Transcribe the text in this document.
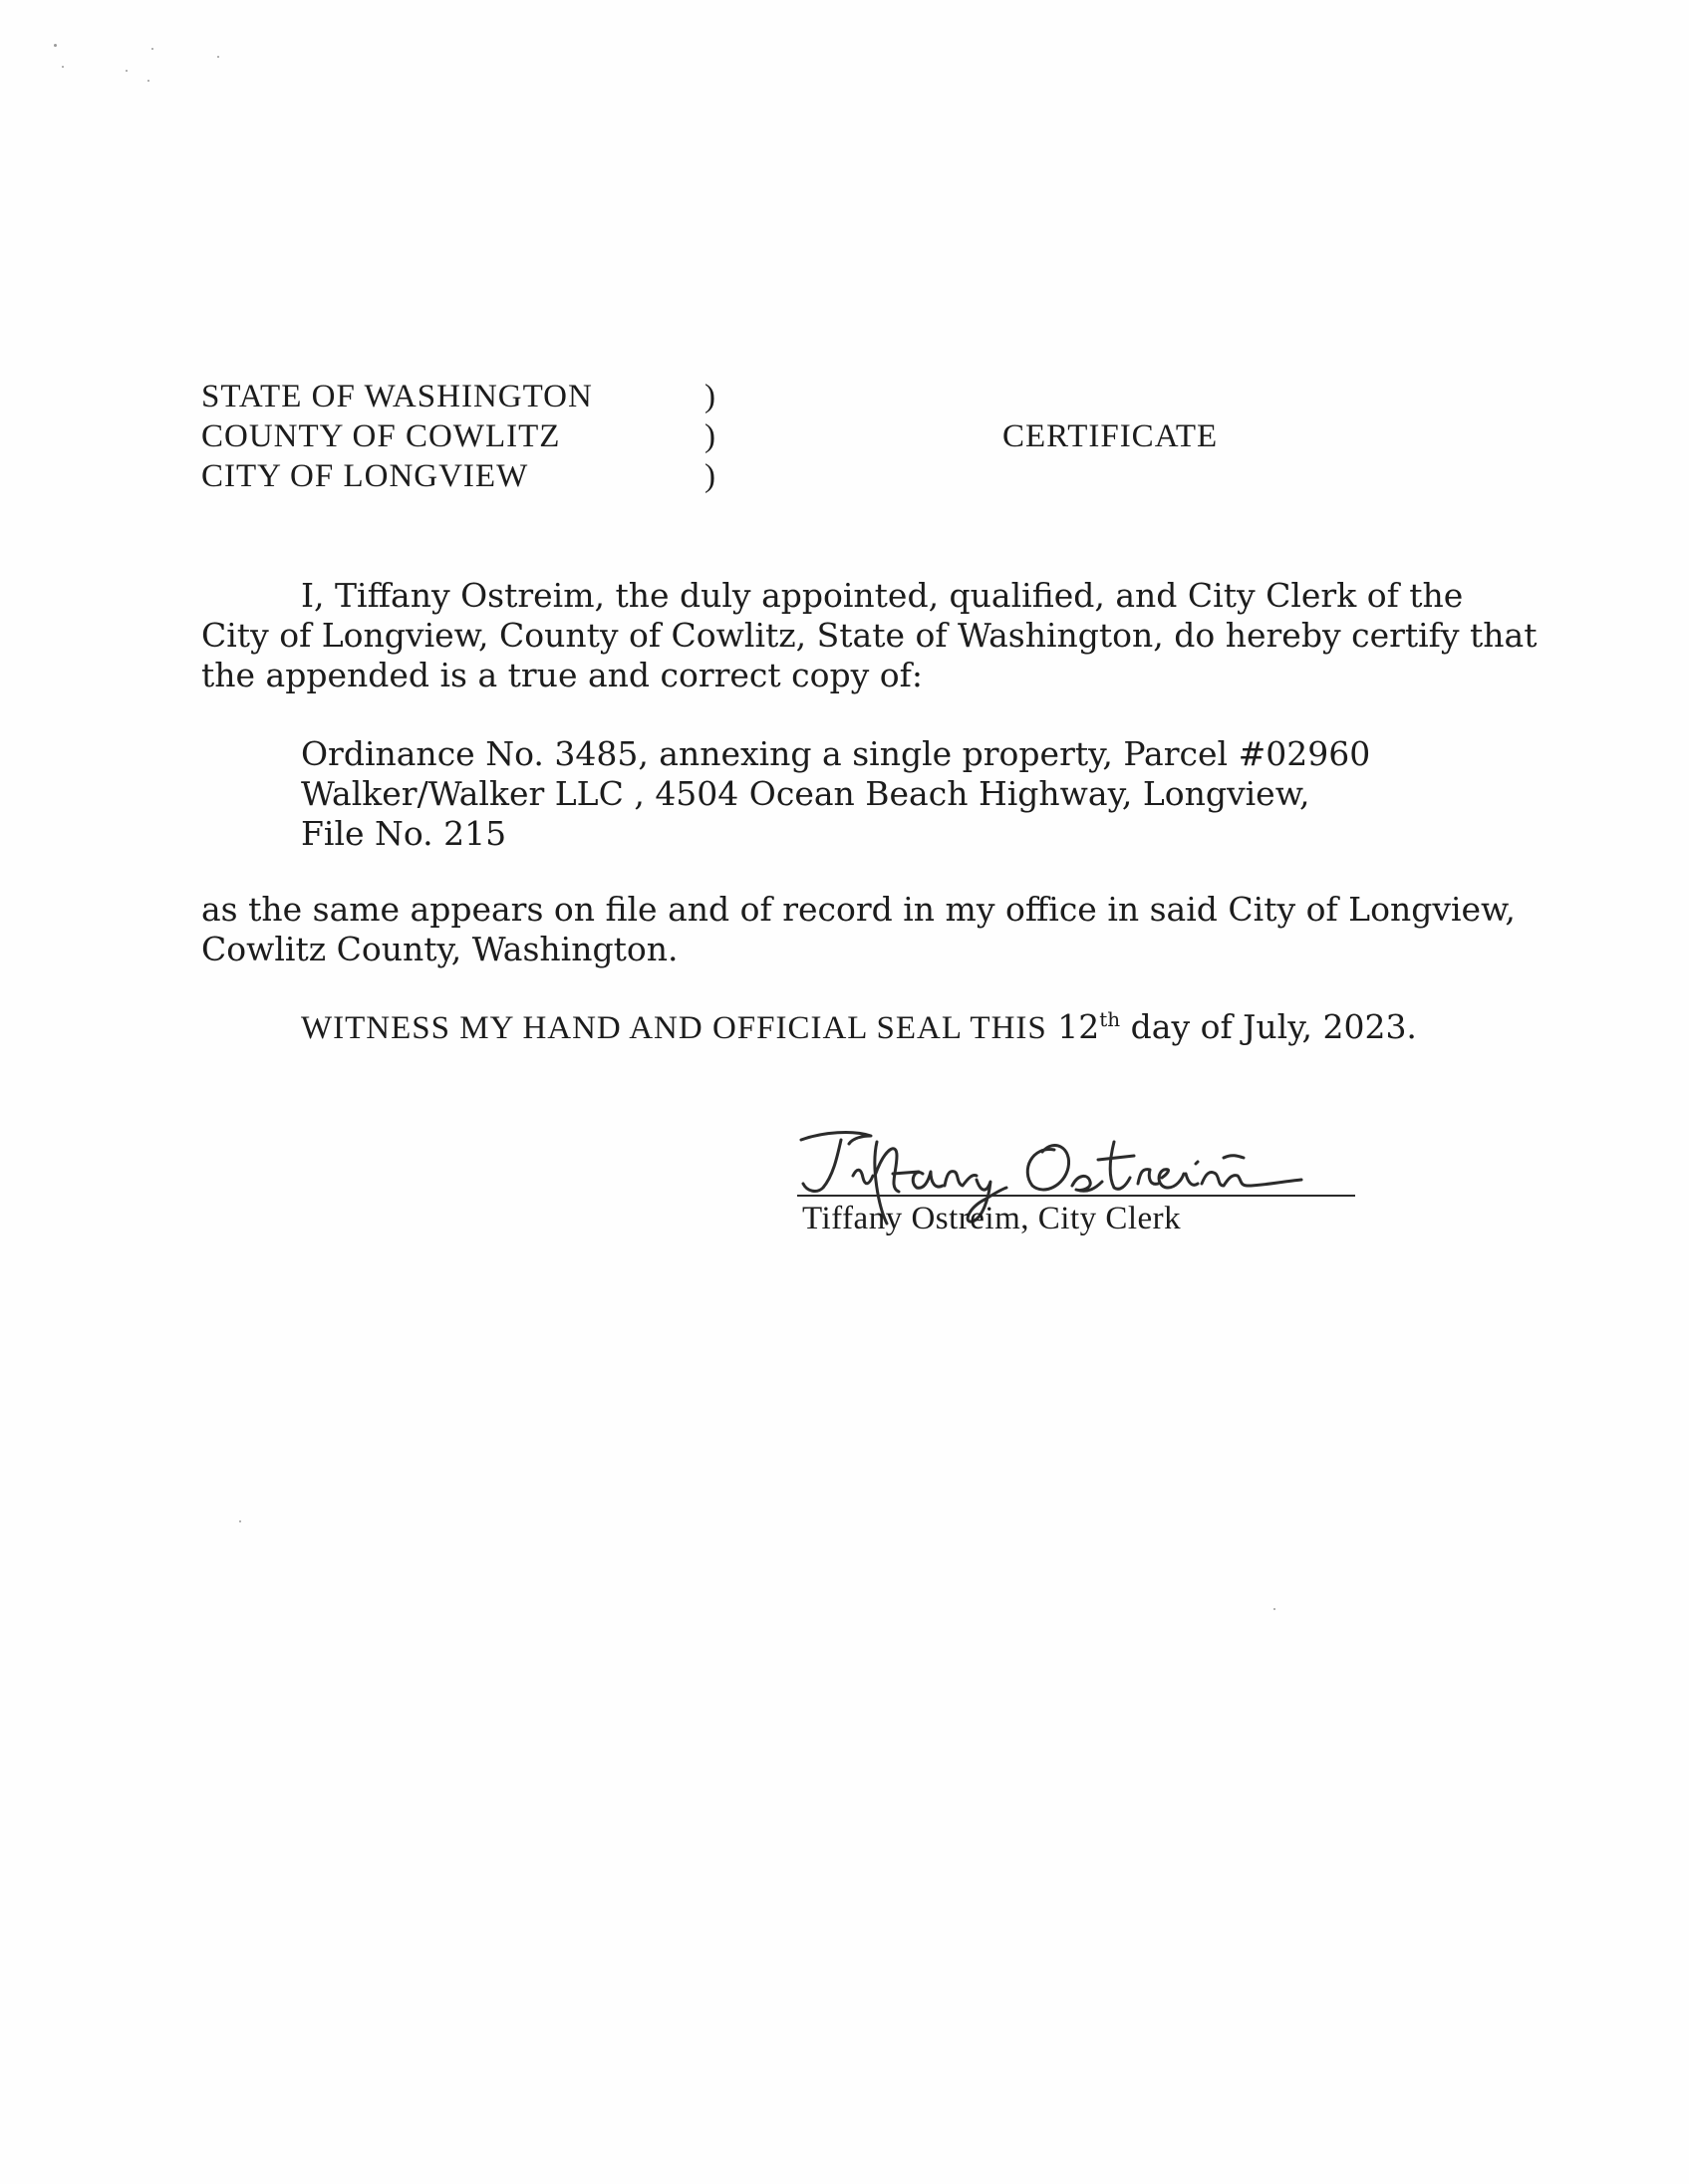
STATE OF WASHINGTON	)
COUNTY OF COWLITZ	)
CITY OF LONGVIEW	)
CERTIFICATE
I, Tiffany Ostreim, the duly appointed, qualified, and City Clerk of the
City of Longview, County of Cowlitz, State of Washington, do hereby certify that
the appended is a true and correct copy of:
Ordinance No. 3485, annexing a single property, Parcel #02960
Walker/Walker LLC , 4504 Ocean Beach Highway, Longview,
File No. 215
as the same appears on file and of record in my office in said City of Longview,
Cowlitz County, Washington.
WITNESS MY HAND AND OFFICIAL SEAL THIS 12th day of July, 2023.
Tiffany Ostreim, City Clerk
